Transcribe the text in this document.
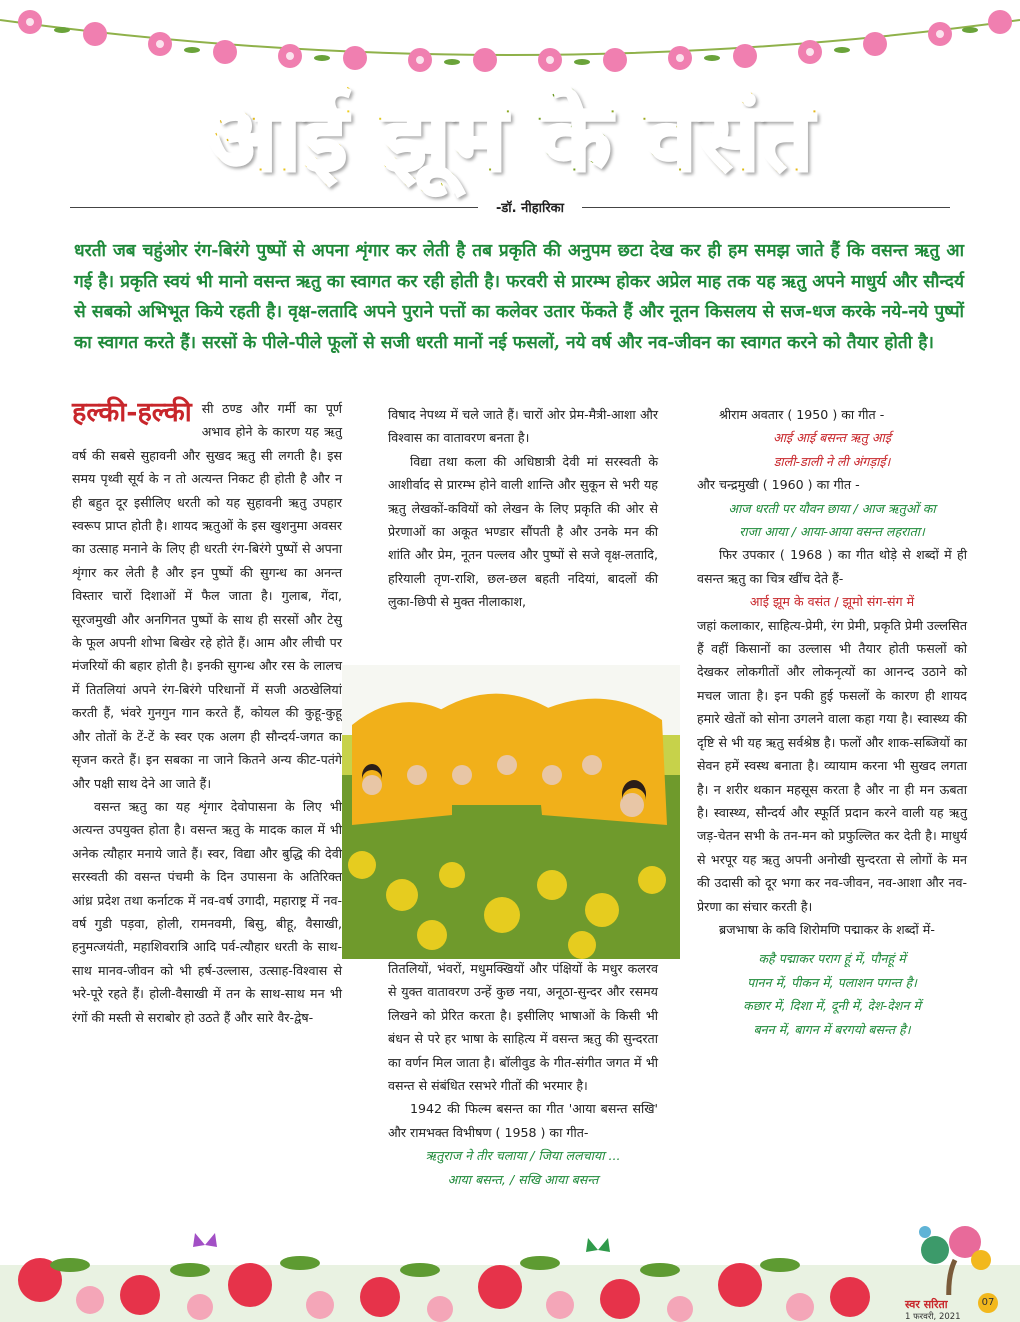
आई झूम के वसंत
-डॉ. नीहारिका
धरती जब चहुंओर रंग-बिरंगे पुष्पों से अपना शृंगार कर लेती है तब प्रकृति की अनुपम छटा देख कर ही हम समझ जाते हैं कि वसन्त ऋतु आ गई है। प्रकृति स्वयं भी मानो वसन्त ऋतु का स्वागत कर रही होती है। फरवरी से प्रारम्भ होकर अप्रेल माह तक यह ऋतु अपने माधुर्य और सौन्दर्य से सबको अभिभूत किये रहती है। वृक्ष-लतादि अपने पुराने पत्तों का कलेवर उतार फेंकते हैं और नूतन किसलय से सज-धज करके नये-नये पुष्पों का स्वागत करते हैं। सरसों के पीले-पीले फूलों से सजी धरती मानों नई फसलों, नये वर्ष और नव-जीवन का स्वागत करने को तैयार होती है।

हल्की-हल्की सी ठण्ड और गर्मी का पूर्ण अभाव होने के कारण यह ऋतु वर्ष की सबसे सुहावनी और सुखद ऋतु सी लगती है। इस समय पृथ्वी सूर्य के न तो अत्यन्त निकट ही होती है और न ही बहुत दूर इसीलिए धरती को यह सुहावनी ऋतु उपहार स्वरूप प्राप्त होती है। शायद ऋतुओं के इस खुशनुमा अवसर का उत्साह मनाने के लिए ही धरती रंग-बिरंगे पुष्पों से अपना शृंगार कर लेती है और इन पुष्पों की सुगन्ध का अनन्त विस्तार चारों दिशाओं में फैल जाता है। गुलाब, गेंदा, सूरजमुखी और अनगिनत पुष्पों के साथ ही सरसों और टेसु के फूल अपनी शोभा बिखेर रहे होते हैं। आम और लीची पर मंजरियों की बहार होती है। इनकी सुगन्ध और रस के लालच में तितलियां अपने रंग-बिरंगे परिधानों में सजी अठखेलियां करती हैं, भंवरे गुनगुन गान करते हैं, कोयल की कुहू-कुहू और तोतों के टें-टें के स्वर एक अलग ही सौन्दर्य-जगत का सृजन करते हैं। इन सबका ना जाने कितने अन्य कीट-पतंगे और पक्षी साथ देने आ जाते हैं।

वसन्त ऋतु का यह शृंगार देवोपासना के लिए भी अत्यन्त उपयुक्त होता है। वसन्त ऋतु के मादक काल में भी अनेक त्यौहार मनाये जाते हैं। स्वर, विद्या और बुद्धि की देवी सरस्वती की वसन्त पंचमी के दिन उपासना के अतिरिक्त आंध्र प्रदेश तथा कर्नाटक में नव-वर्ष उगादी, महाराष्ट्र में नव-वर्ष गुडी पड़वा, होली, रामनवमी, बिसु, बीहू, वैसाखी, हनुमत्जयंती, महाशिवरात्रि आदि पर्व-त्यौहार धरती के साथ-साथ मानव-जीवन को भी हर्ष-उल्लास, उत्साह-विश्वास से भरे-पूरे रहते हैं। होली-वैसाखी में तन के साथ-साथ मन भी रंगों की मस्ती से सराबोर हो उठते हैं और सारे वैर-द्वेष-

विषाद नेपथ्य में चले जाते हैं। चारों ओर प्रेम-मैत्री-आशा और विश्वास का वातावरण बनता है।

विद्या तथा कला की अधिष्ठात्री देवी मां सरस्वती के आशीर्वाद से प्रारम्भ होने वाली शान्ति और सुकून से भरी यह ऋतु लेखकों-कवियों को लेखन के लिए प्रकृति की ओर से प्रेरणाओं का अकूत भण्डार सौंपती है और उनके मन की शांति और प्रेम, नूतन पल्लव और पुष्पों से सजे वृक्ष-लतादि, हरियाली तृण-राशि, छल-छल बहती नदियां, बादलों की लुका-छिपी से मुक्त नीलाकाश,

तितलियों, भंवरों, मधुमक्खियों और पंक्षियों के मधुर कलरव से युक्त वातावरण उन्हें कुछ नया, अनूठा-सुन्दर और रसमय लिखने को प्रेरित करता है। इसीलिए भाषाओं के किसी भी बंधन से परे हर भाषा के साहित्य में वसन्त ऋतु की सुन्दरता का वर्णन मिल जाता है। बॉलीवुड के गीत-संगीत जगत में भी वसन्त से संबंधित रसभरे गीतों की भरमार है।

1942 की फिल्म बसन्त का गीत 'आया बसन्त सखि' और रामभक्त विभीषण ( 1958 ) का गीत-

ऋतुराज ने तीर चलाया / जिया ललचाया ...

आया बसन्त, / सखि आया बसन्त

श्रीराम अवतार ( 1950 ) का गीत -

आई आई बसन्त ऋतु आई

डाली-डाली ने ली अंगड़ाई।

और चन्द्रमुखी ( 1960 ) का गीत -

आज धरती पर यौवन छाया / आज ऋतुओं का

राजा आया / आया-आया वसन्त लहराता।

फिर उपकार ( 1968 ) का गीत थोड़े से शब्दों में ही वसन्त ऋतु का चित्र खींच देते हैं-

आई झूम के वसंत / झूमो संग-संग में

जहां कलाकार, साहित्य-प्रेमी, रंग प्रेमी, प्रकृति प्रेमी उल्लसित हैं वहीं किसानों का उल्लास भी तैयार होती फसलों को देखकर लोकगीतों और लोकनृत्यों का आनन्द उठाने को मचल जाता है। इन पकी हुई फसलों के कारण ही शायद हमारे खेतों को सोना उगलने वाला कहा गया है। स्वास्थ्य की दृष्टि से भी यह ऋतु सर्वश्रेष्ठ है। फलों और शाक-सब्जियों का सेवन हमें स्वस्थ बनाता है। व्यायाम करना भी सुखद लगता है। न शरीर थकान महसूस करता है और ना ही मन ऊबता है। स्वास्थ्य, सौन्दर्य और स्फूर्ति प्रदान करने वाली यह ऋतु जड़-चेतन सभी के तन-मन को प्रफुल्लित कर देती है। माधुर्य से भरपूर यह ऋतु अपनी अनोखी सुन्दरता से लोगों के मन की उदासी को दूर भगा कर नव-जीवन, नव-आशा और नव-प्रेरणा का संचार करती है।

ब्रजभाषा के कवि शिरोमणि पद्माकर के शब्दों में-

कहै पद्माकर पराग हूं में, पौनहूं में

पानन में, पीकन में, पलाशन पगन्त है।

कछार में, दिशा में, दूनी में, देश-देशन में

बनन में, बागन में बरगयो बसन्त है।

स्वर सरिता
1 फरवरी, 2021
07
